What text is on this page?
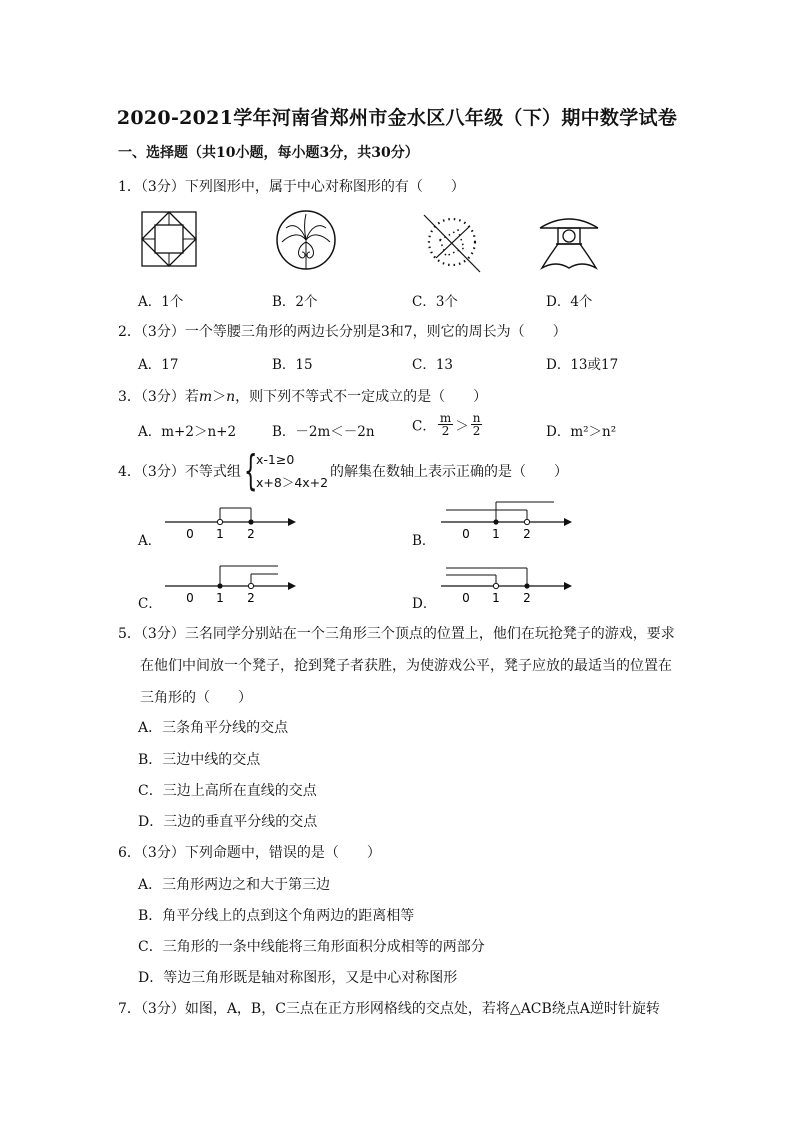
2020-2021学年河南省郑州市金水区八年级（下）期中数学试卷
一、选择题（共10小题，每小题3分，共30分）
1．（3分）下列图形中，属于中心对称图形的有（　　）
A．1个	B．2个	C．3个	D．4个
2．（3分）一个等腰三角形的两边长分别是3和7，则它的周长为（　　）
A．17	B．15	C．13	D．13或17
3．（3分）若m＞n，则下列不等式不一定成立的是（　　）
A．m+2＞n+2	B．－2m＜－2n	C． $\frac{m}{2} > \frac{n}{2}$	D．m²＞n²
4．（3分）不等式组 {
x-1≥0
x+8＞4x+2
的解集在数轴上表示正确的是（　　）
A． 0 1 2	B． 0 1 2
C． 0 1 2	D． 0 1 2
5．（3分）三名同学分别站在一个三角形三个顶点的位置上，他们在玩抢凳子的游戏，要求
在他们中间放一个凳子，抢到凳子者获胜，为使游戏公平，凳子应放的最适当的位置在
三角形的（　　）
A．三条角平分线的交点
B．三边中线的交点
C．三边上高所在直线的交点
D．三边的垂直平分线的交点
6．（3分）下列命题中，错误的是（　　）
A．三角形两边之和大于第三边
B．角平分线上的点到这个角两边的距离相等
C．三角形的一条中线能将三角形面积分成相等的两部分
D．等边三角形既是轴对称图形，又是中心对称图形
7．（3分）如图，A，B，C三点在正方形网格线的交点处，若将△ACB绕点A逆时针旋转
